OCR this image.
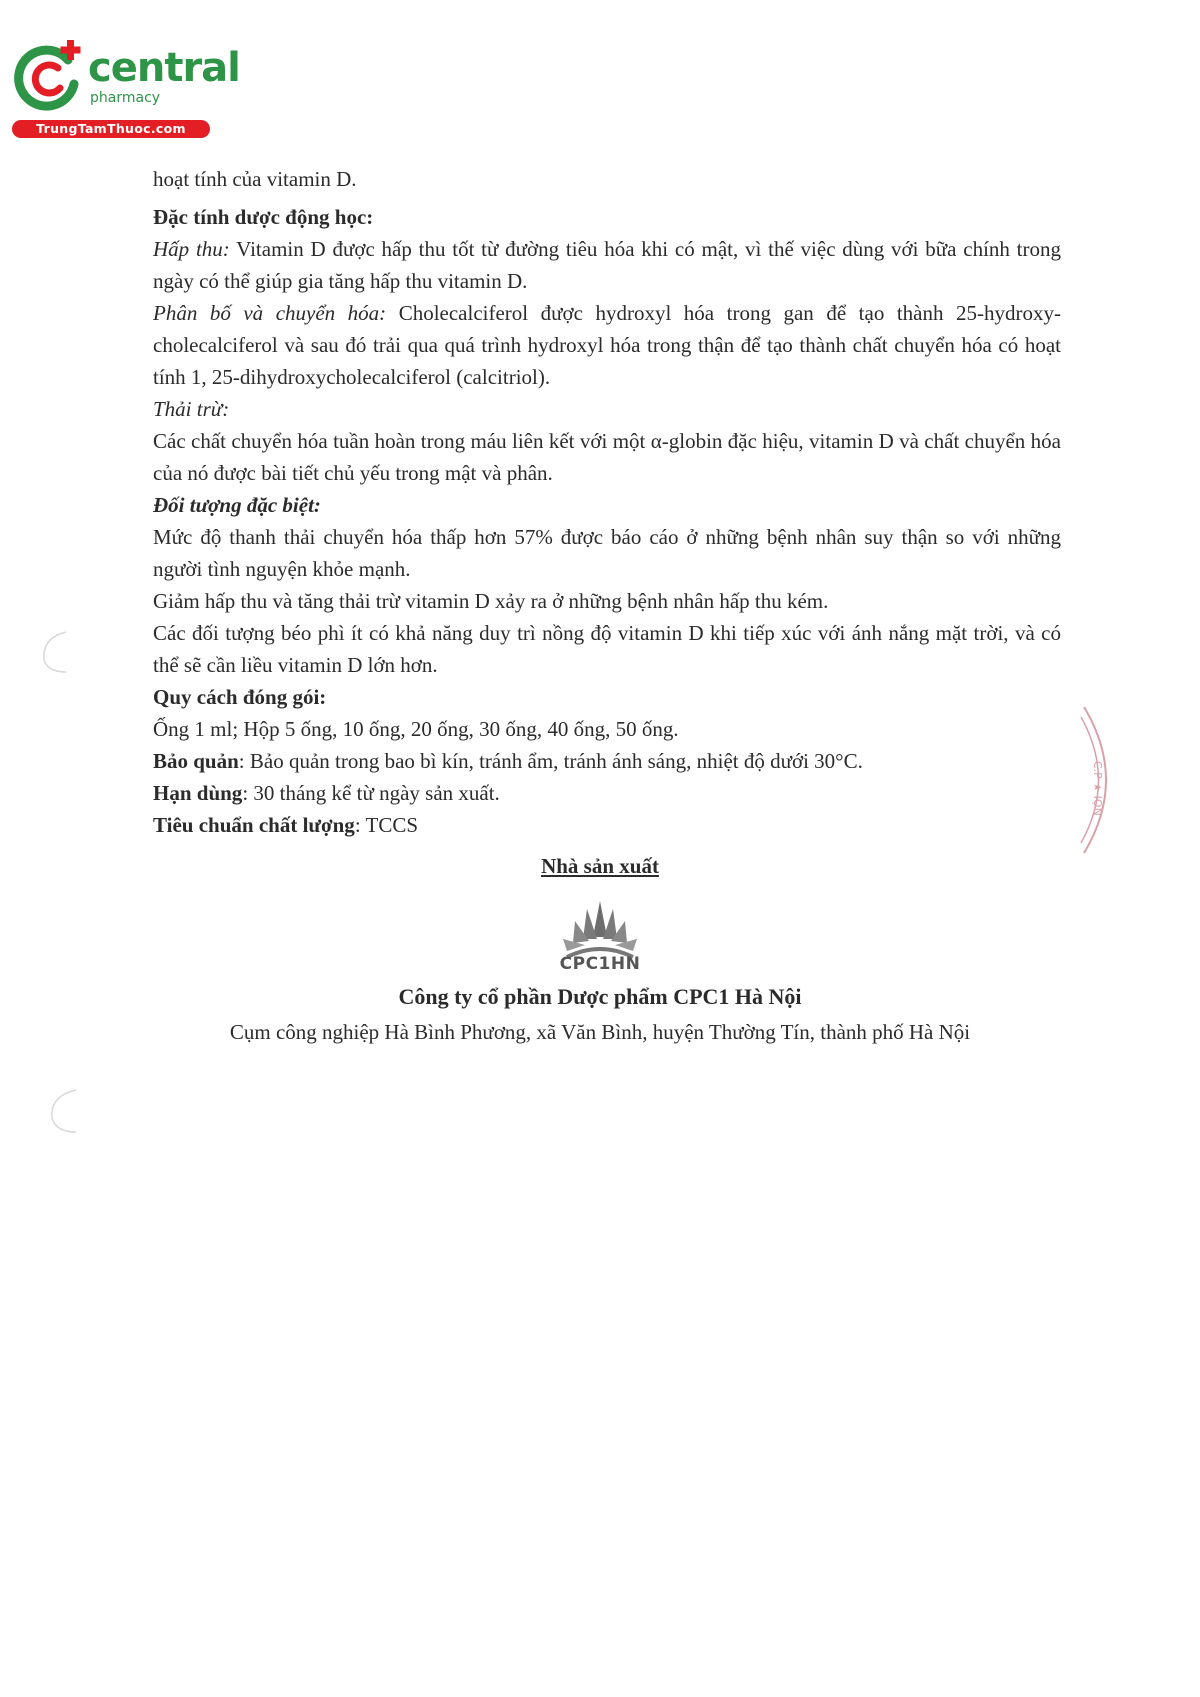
central
pharmacy
TrungTamThuoc.com

hoạt tính của vitamin D.

Đặc tính dược động học:

Hấp thu: Vitamin D được hấp thu tốt từ đường tiêu hóa khi có mật, vì thế việc dùng với bữa chính trong ngày có thể giúp gia tăng hấp thu vitamin D.

Phân bố và chuyển hóa: Cholecalciferol được hydroxyl hóa trong gan để tạo thành 25-hydroxy-cholecalciferol và sau đó trải qua quá trình hydroxyl hóa trong thận để tạo thành chất chuyển hóa có hoạt tính 1, 25-dihydroxycholecalciferol (calcitriol).

Thải trừ:

Các chất chuyển hóa tuần hoàn trong máu liên kết với một α-globin đặc hiệu, vitamin D và chất chuyển hóa của nó được bài tiết chủ yếu trong mật và phân.

Đối tượng đặc biệt:

Mức độ thanh thải chuyển hóa thấp hơn 57% được báo cáo ở những bệnh nhân suy thận so với những người tình nguyện khỏe mạnh.

Giảm hấp thu và tăng thải trừ vitamin D xảy ra ở những bệnh nhân hấp thu kém.

Các đối tượng béo phì ít có khả năng duy trì nồng độ vitamin D khi tiếp xúc với ánh nắng mặt trời, và có thể sẽ cần liều vitamin D lớn hơn.

Quy cách đóng gói:

Ống 1 ml; Hộp 5 ống, 10 ống, 20 ống, 30 ống, 40 ống, 50 ống.

Bảo quản: Bảo quản trong bao bì kín, tránh ẩm, tránh ánh sáng, nhiệt độ dưới 30°C.

Hạn dùng: 30 tháng kể từ ngày sản xuất.

Tiêu chuẩn chất lượng: TCCS

Nhà sản xuất
CPC1HN
Công ty cổ phần Dược phẩm CPC1 Hà Nội
Cụm công nghiệp Hà Bình Phương, xã Văn Bình, huyện Thường Tín, thành phố Hà Nội
C.P ★ IỘN
